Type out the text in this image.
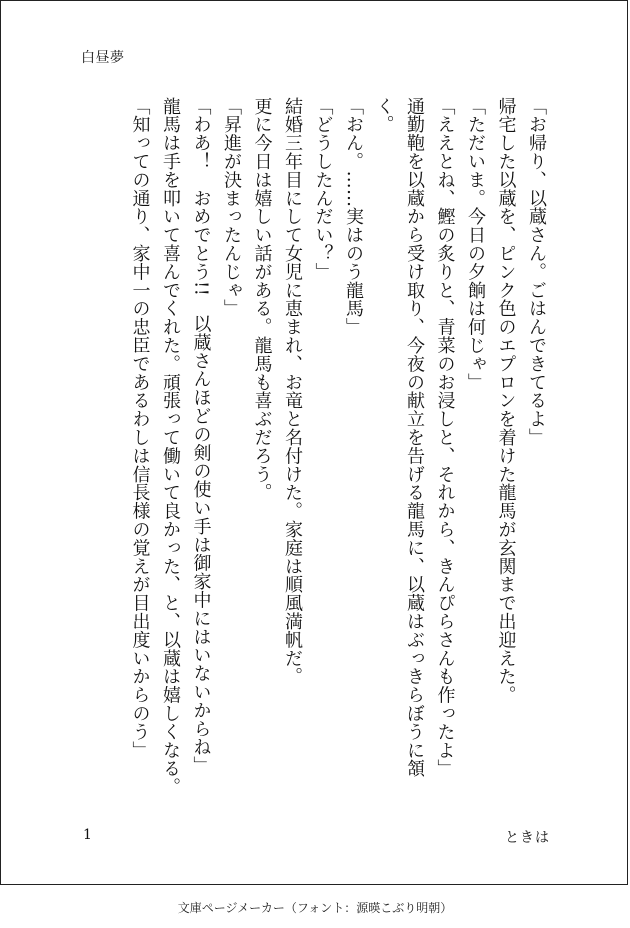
白昼夢

「お帰り、以蔵さん。ごはんできてるよ」

帰宅した以蔵を、ピンク色のエプロンを着けた龍馬が玄関まで出迎えた。

「ただいま。今日の夕餉は何じゃ」

「ええとね、鰹の炙りと、青菜のお浸しと、それから、きんぴらさんも作ったよ」

通勤鞄を以蔵から受け取り、今夜の献立を告げる龍馬に、以蔵はぶっきらぼうに頷く。

「おん。……実はのう龍馬」

「どうしたんだい？」

結婚三年目にして女児に恵まれ、お竜と名付けた。家庭は順風満帆だ。

更に今日は嬉しい話がある。龍馬も喜ぶだろう。

「昇進が決まったんじゃ」

「わあ！　おめでとう!!　以蔵さんほどの剣の使い手は御家中にはいないからね」

龍馬は手を叩いて喜んでくれた。頑張って働いて良かった、と、以蔵は嬉しくなる。

「知っての通り、家中一の忠臣であるわしは信長様の覚えが目出度いからのう」

1	ときは
文庫ページメーカー（フォント：源暎こぶり明朝）
